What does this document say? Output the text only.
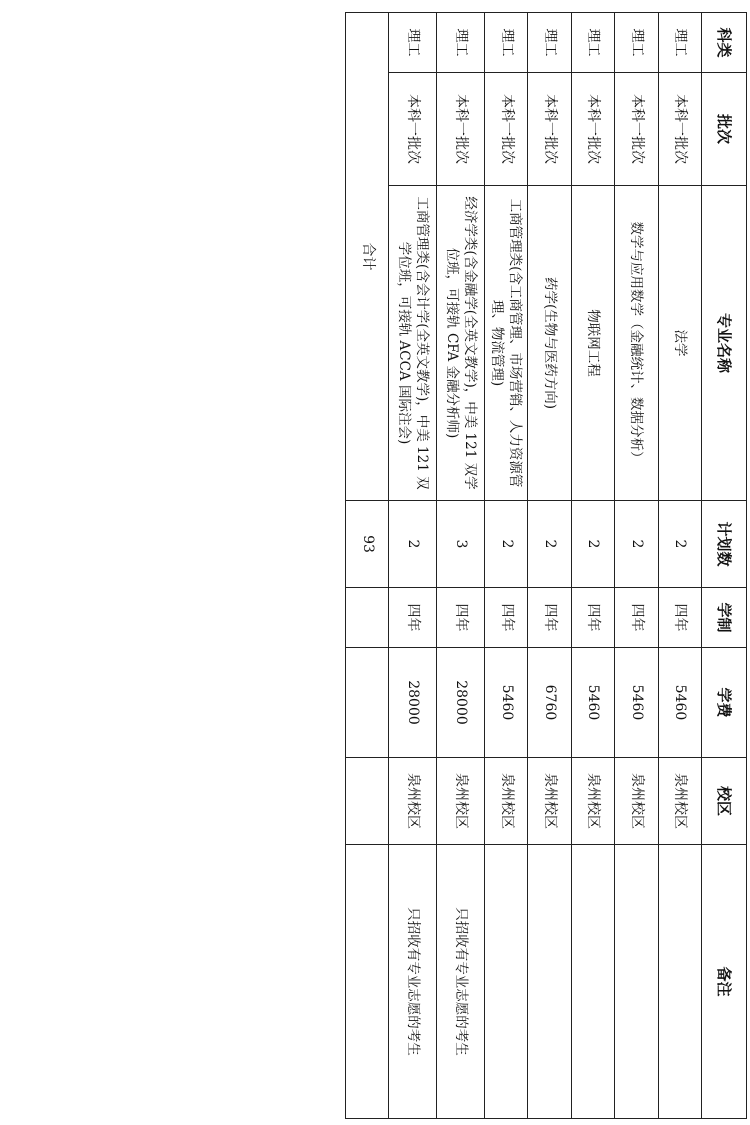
科类	批次	专业名称	计划数	学制	学费	校区	备注
理工	本科一批次	法学	2	四年	5460	泉州校区	
理工	本科一批次	数学与应用数学（金融统计、数据分析）	2	四年	5460	泉州校区	
理工	本科一批次	物联网工程	2	四年	5460	泉州校区	
理工	本科一批次	药学(生物与医药方向)	2	四年	6760	泉州校区	
理工	本科一批次	工商管理类(含工商管理、市场营销、人力资源管理、物流管理)	2	四年	5460	泉州校区	
理工	本科一批次	经济学类(含金融学(全英文教学)，中美 121 双学位班，可接轨 CFA 金融分析师)	3	四年	28000	泉州校区	只招收有专业志愿的考生
理工	本科一批次	工商管理类(含会计学(全英文教学)，中美 121 双学位班，可接轨 ACCA 国际注会)	2	四年	28000	泉州校区	只招收有专业志愿的考生
合计			93				
